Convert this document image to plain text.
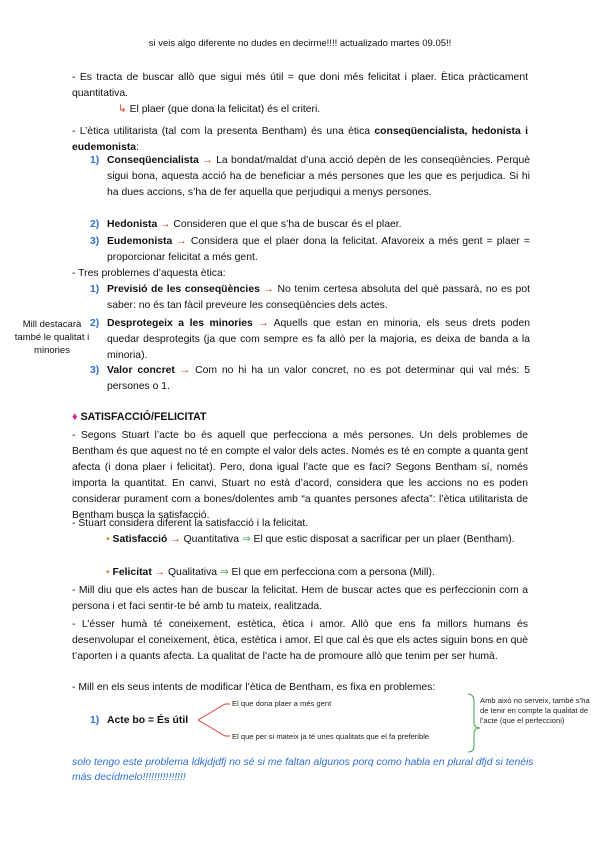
si veis algo diferente no dudes en decirme!!!! actualizado martes 09.05!!
- Es tracta de buscar allò que sigui més útil = que doni més felicitat i plaer. Ètica pràcticament quantitativa.
↳ El plaer (que dona la felicitat) és el criteri.
- L’ètica utilitarista (tal com la presenta Bentham) és una ètica conseqüencialista, hedonista i eudemonista:
1) Conseqüencialista → La bondat/maldat d’una acció depèn de les conseqüències. Perquè sigui bona, aquesta acció ha de beneficiar a més persones que les que es perjudica. Si hi ha dues accions, s’ha de fer aquella que perjudiqui a menys persones.
2) Hedonista → Consideren que el que s’ha de buscar és el plaer.
3) Eudemonista → Considera que el plaer dona la felicitat. Afavoreix a més gent = plaer = proporcionar felicitat a més gent.
- Tres problemes d’aquesta ètica:
1) Previsió de les conseqüències → No tenim certesa absoluta del què passarà, no es pot saber: no és tan fàcil preveure les conseqüències dels actes.
2) Desprotegeix a les minories → Aquells que estan en minoria, els seus drets poden quedar desprotegits (ja que com sempre es fa allò per la majoria, es deixa de banda a la minoria).
3) Valor concret → Com no hi ha un valor concret, no es pot determinar qui val més: 5 persones o 1.
Mill destacarà també le qualitat i minories
♦ SATISFACCIÓ/FELICITAT
- Segons Stuart l’acte bo és aquell que perfecciona a més persones. Un dels problemes de Bentham és que aquest no té en compte el valor dels actes. Només es té en compte a quanta gent afecta (i dona plaer i felicitat). Pero, dona igual l’acte que es faci? Segons Bentham sí, només importa la quantitat. En canvi, Stuart no està d’acord, considera que les accions no es poden considerar purament com a bones/dolentes amb “a quantes persones afecta”: l’ètica utilitarista de Bentham busca la satisfacció.
- Stuart considera diferent la satisfacció i la felicitat.
• Satisfacció → Quantitativa ⇒ El que estic disposat a sacrificar per un plaer (Bentham).
• Felicitat → Qualitativa ⇒ El que em perfecciona com a persona (Mill).
- Mill diu que els actes han de buscar la felicitat. Hem de buscar actes que es perfeccionin com a persona i et faci sentir-te bé amb tu mateix, realitzada.
- L’ésser humà té coneixement, estètica, ètica i amor. Allò que ens fa millors humans és desenvolupar el coneixement, ètica, estètica i amor. El que cal és que els actes siguin bons en què t’aporten i a quants afecta. La qualitat de l’acte ha de promoure allò que tenim per ser humà.
- Mill en els seus intents de modificar l’ètica de Bentham, es fixa en problemes:
1) Acte bo = És útil
El que dona plaer a més gent
El que per si mateix ja té unes qualitats que el fa preferible
Amb això no serveix, també s’ha de tenir en compte la qualitat de l’acte (que el perfeccioni)
solo tengo este problema ldkjdjdfj no sé si me faltan algunos porq como habla en plural dfjd si tenéis más decídmelo!!!!!!!!!!!!!!!
